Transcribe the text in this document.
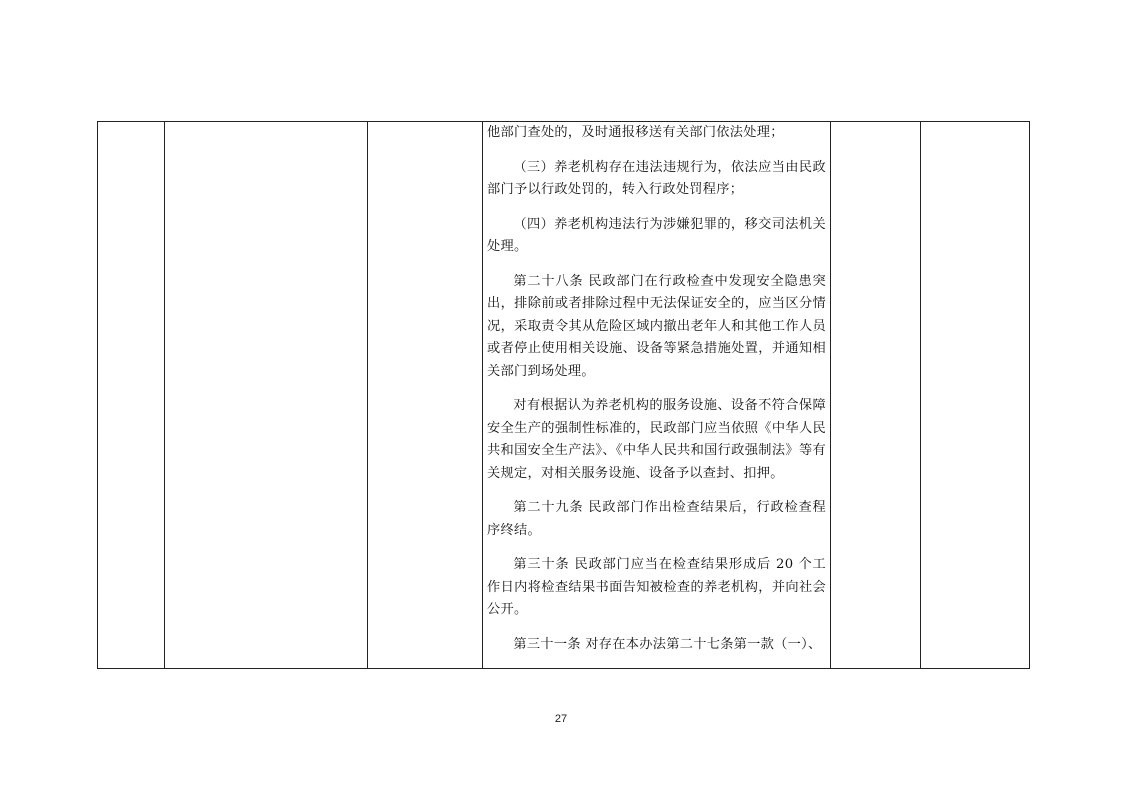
他部门查处的，及时通报移送有关部门依法处理；

（三）养老机构存在违法违规行为，依法应当由民政部门予以行政处罚的，转入行政处罚程序；

（四）养老机构违法行为涉嫌犯罪的，移交司法机关处理。

第二十八条 民政部门在行政检查中发现安全隐患突出，排除前或者排除过程中无法保证安全的，应当区分情况，采取责令其从危险区域内撤出老年人和其他工作人员或者停止使用相关设施、设备等紧急措施处置，并通知相关部门到场处理。

对有根据认为养老机构的服务设施、设备不符合保障安全生产的强制性标准的，民政部门应当依照《中华人民共和国安全生产法》、《中华人民共和国行政强制法》等有关规定，对相关服务设施、设备予以查封、扣押。

第二十九条 民政部门作出检查结果后，行政检查程序终结。

第三十条 民政部门应当在检查结果形成后 20 个工作日内将检查结果书面告知被检查的养老机构，并向社会公开。

第三十一条 对存在本办法第二十七条第一款（一）、

27
